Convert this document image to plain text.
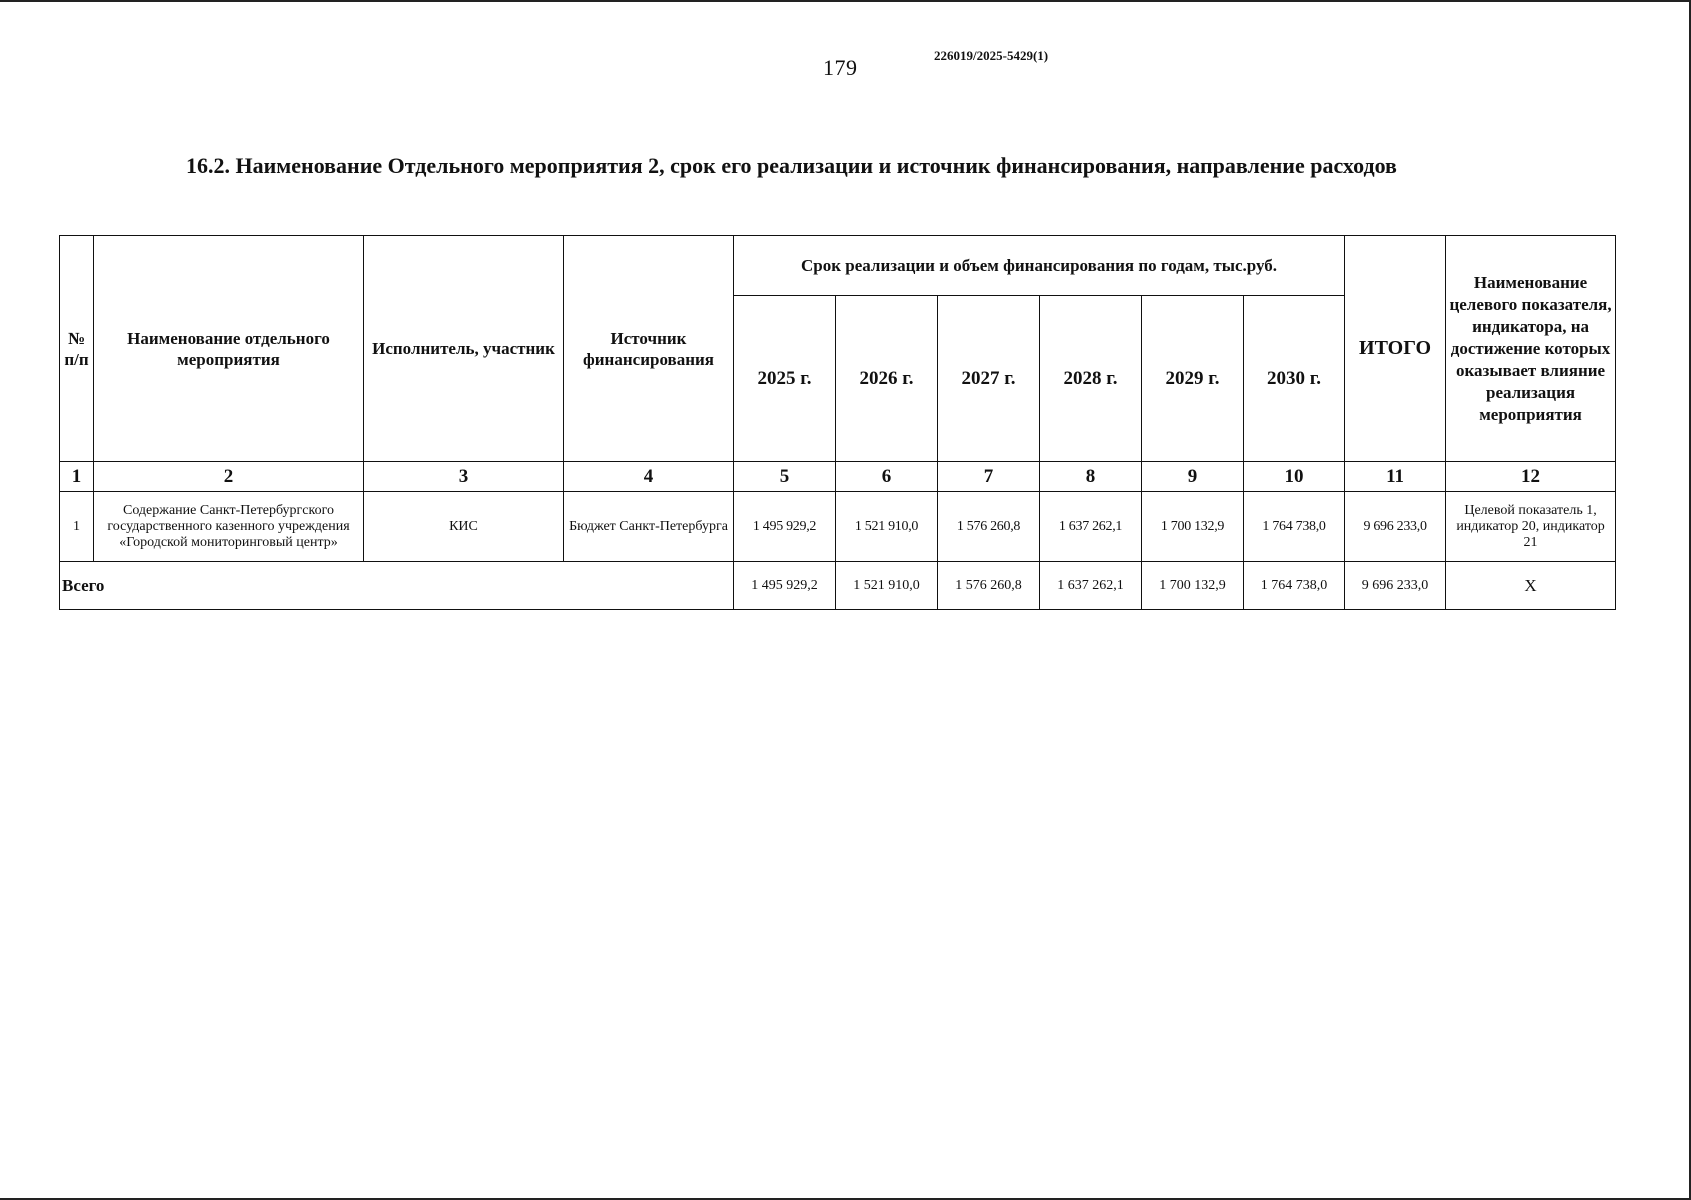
179	226019/2025-5429(1)
16.2. Наименование Отдельного мероприятия 2, срок его реализации и источник финансирования, направление расходов
№ п/п	Наименование отдельного мероприятия	Исполнитель, участник	Источник финансирования	Срок реализации и объем финансирования по годам, тыс.руб.						ИТОГО	Наименование целевого показателя, индикатора, на достижение которых оказывает влияние реализация мероприятия
				2025 г.	2026 г.	2027 г.	2028 г.	2029 г.	2030 г.		
1	2	3	4	5	6	7	8	9	10	11	12
1	Содержание Санкт-Петербургского государственного казенного учреждения «Городской мониторинговый центр»	КИС	Бюджет Санкт-Петербурга	1 495 929,2	1 521 910,0	1 576 260,8	1 637 262,1	1 700 132,9	1 764 738,0	9 696 233,0	Целевой показатель 1, индикатор 20, индикатор 21
Всего				1 495 929,2	1 521 910,0	1 576 260,8	1 637 262,1	1 700 132,9	1 764 738,0	9 696 233,0	X
